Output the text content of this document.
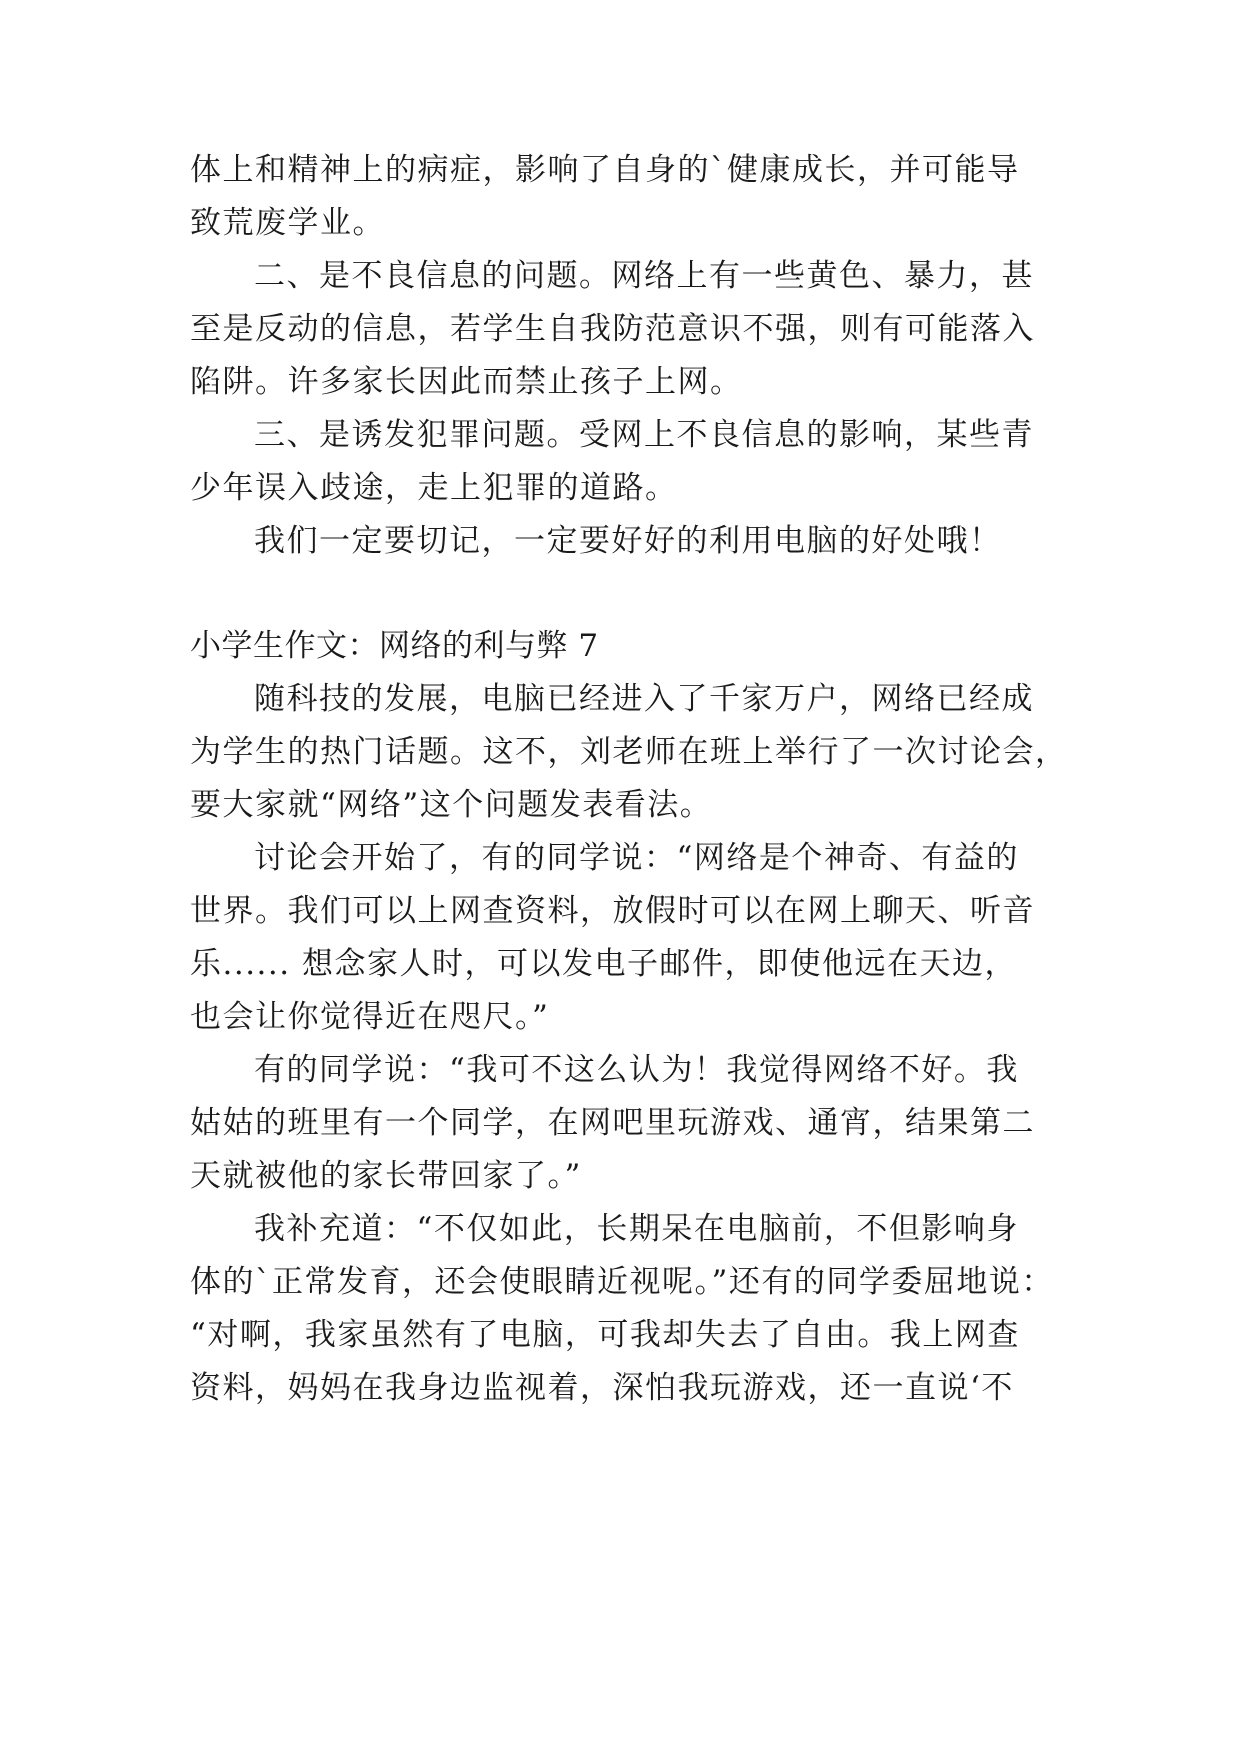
体上和精神上的病症，影响了自身的`健康成长，并可能导
致荒废学业。
二、是不良信息的问题。网络上有一些黄色、暴力，甚
至是反动的信息，若学生自我防范意识不强，则有可能落入
陷阱。许多家长因此而禁止孩子上网。
三、是诱发犯罪问题。受网上不良信息的影响，某些青
少年误入歧途，走上犯罪的道路。
我们一定要切记，一定要好好的利用电脑的好处哦！
小学生作文：网络的利与弊 7
随科技的发展，电脑已经进入了千家万户，网络已经成
为学生的热门话题。这不，刘老师在班上举行了一次讨论会，
要大家就“网络”这个问题发表看法。
讨论会开始了，有的同学说：“网络是个神奇、有益的
世界。我们可以上网查资料，放假时可以在网上聊天、听音
乐...... 想念家人时，可以发电子邮件，即使他远在天边，
也会让你觉得近在咫尺。”
有的同学说：“我可不这么认为！我觉得网络不好。我
姑姑的班里有一个同学，在网吧里玩游戏、通宵，结果第二
天就被他的家长带回家了。”
我补充道：“不仅如此，长期呆在电脑前，不但影响身
体的`正常发育，还会使眼睛近视呢。”还有的同学委屈地说：
“对啊，我家虽然有了电脑，可我却失去了自由。我上网查
资料，妈妈在我身边监视着，深怕我玩游戏，还一直说‘不
